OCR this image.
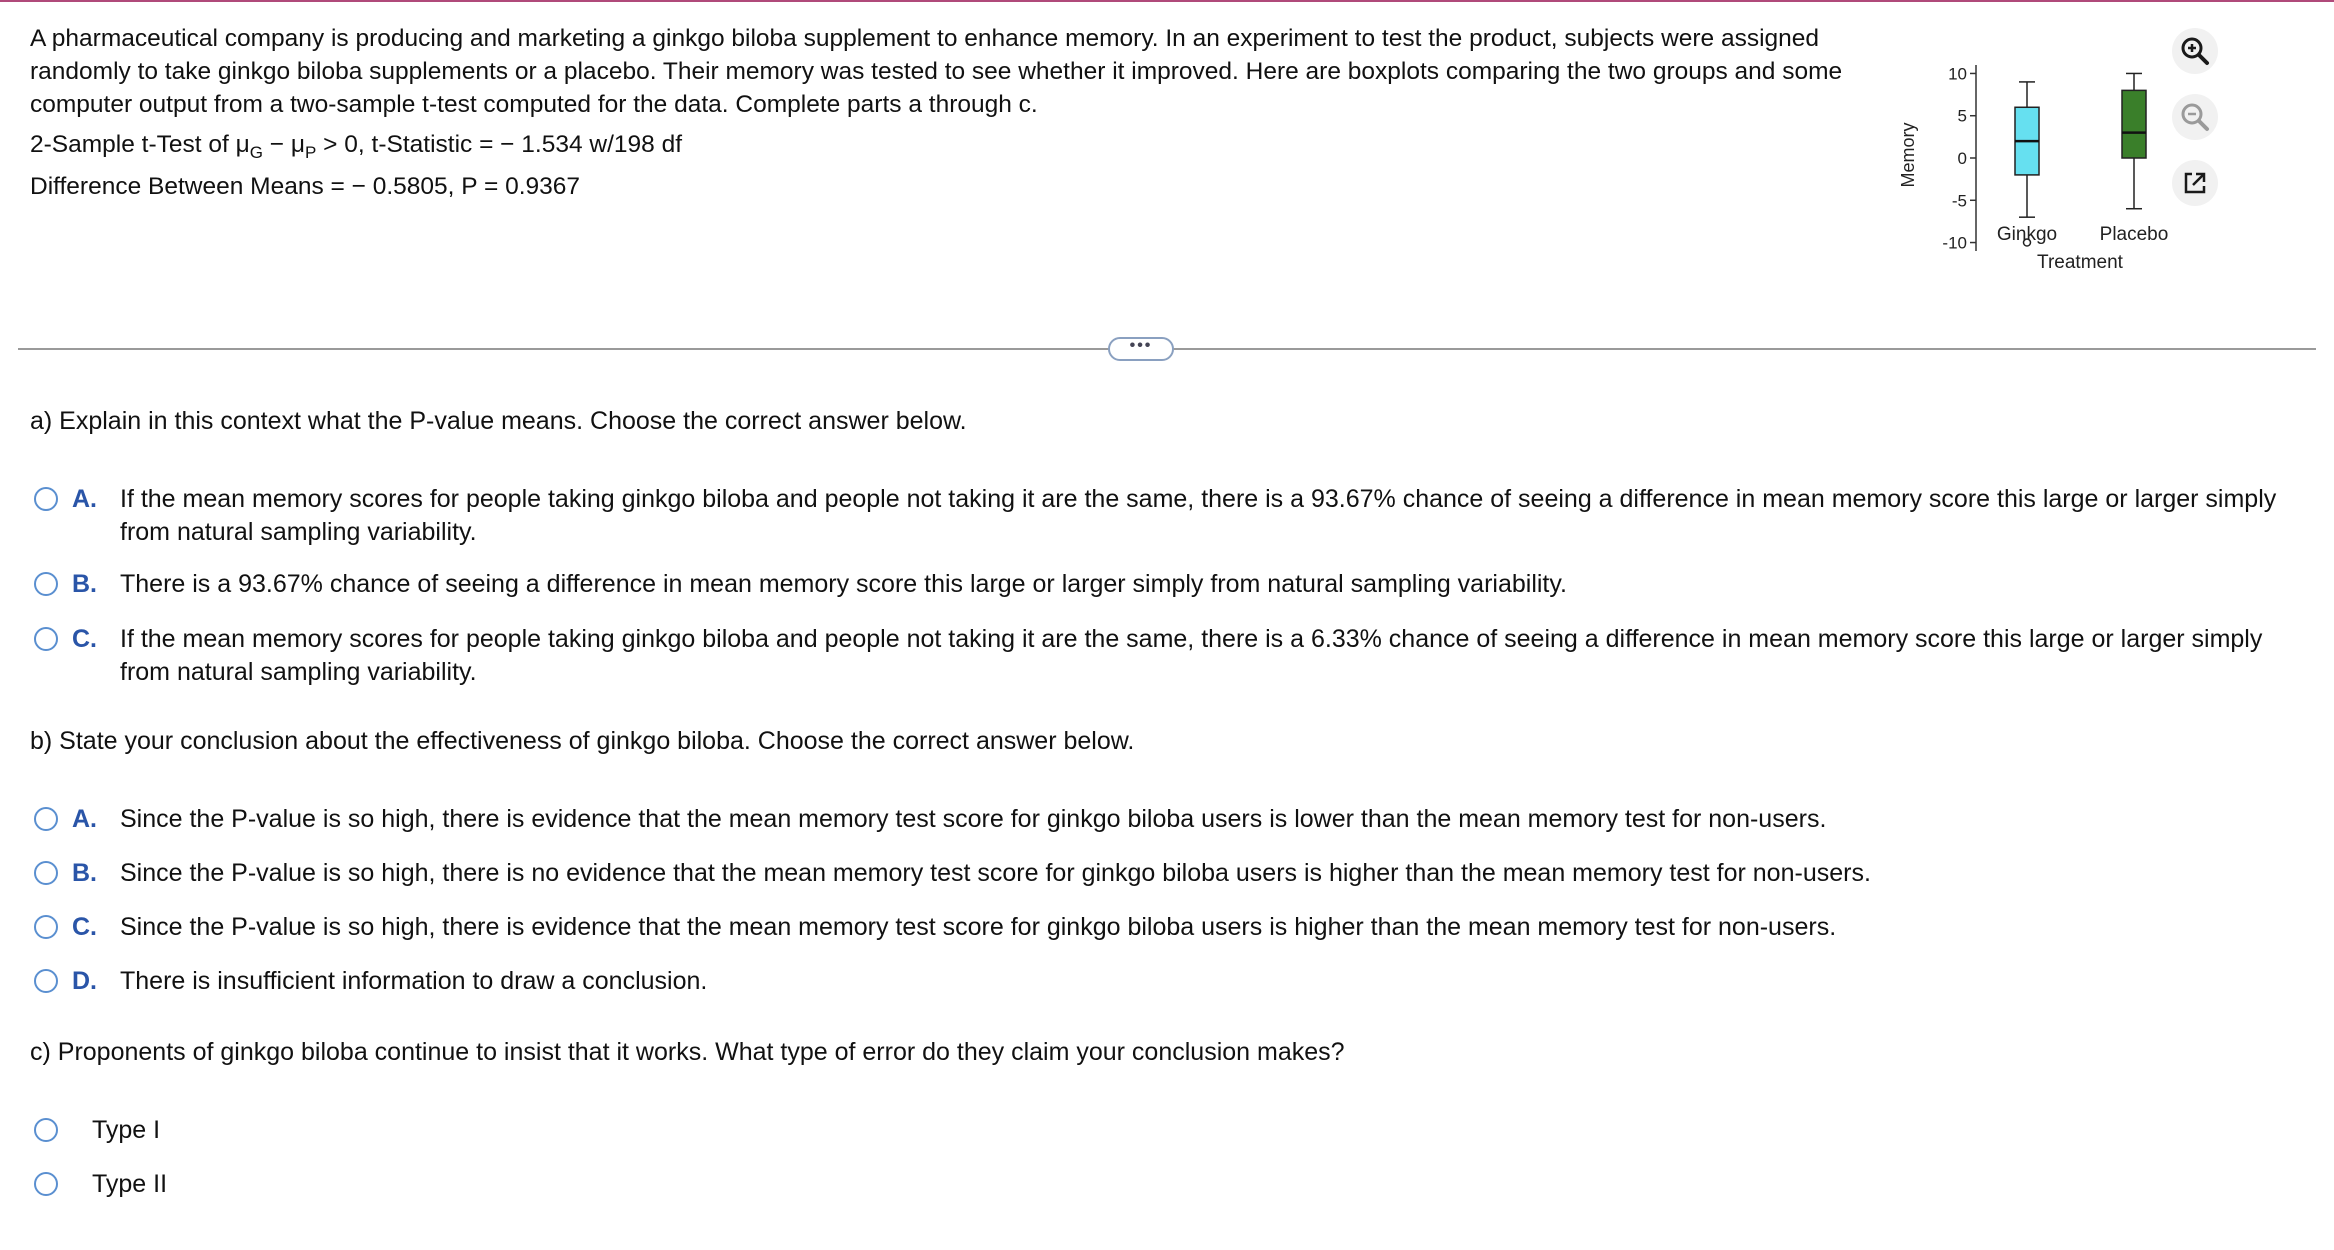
A pharmaceutical company is producing and marketing a ginkgo biloba supplement to enhance memory. In an experiment to test the product, subjects were assigned randomly to take ginkgo biloba supplements or a placebo. Their memory was tested to see whether it improved. Here are boxplots comparing the two groups and some computer output from a two-sample t-test computed for the data. Complete parts a through c.
2-Sample t-Test of $\mu_G - \mu_P > 0$, t-Statistic = − 1.534 w/198 df
Difference Between Means = − 0.5805, P = 0.9367
10
5
0
-5
-10
Memory
Ginkgo Placebo
Treatment
•••
a) Explain in this context what the P-value means. Choose the correct answer below.
A. If the mean memory scores for people taking ginkgo biloba and people not taking it are the same, there is a 93.67% chance of seeing a difference in mean memory score this large or larger simply from natural sampling variability.
B. There is a 93.67% chance of seeing a difference in mean memory score this large or larger simply from natural sampling variability.
C. If the mean memory scores for people taking ginkgo biloba and people not taking it are the same, there is a 6.33% chance of seeing a difference in mean memory score this large or larger simply from natural sampling variability.
b) State your conclusion about the effectiveness of ginkgo biloba. Choose the correct answer below.
A. Since the P-value is so high, there is evidence that the mean memory test score for ginkgo biloba users is lower than the mean memory test for non-users.
B. Since the P-value is so high, there is no evidence that the mean memory test score for ginkgo biloba users is higher than the mean memory test for non-users.
C. Since the P-value is so high, there is evidence that the mean memory test score for ginkgo biloba users is higher than the mean memory test for non-users.
D. There is insufficient information to draw a conclusion.
c) Proponents of ginkgo biloba continue to insist that it works. What type of error do they claim your conclusion makes?
Type I
Type II
